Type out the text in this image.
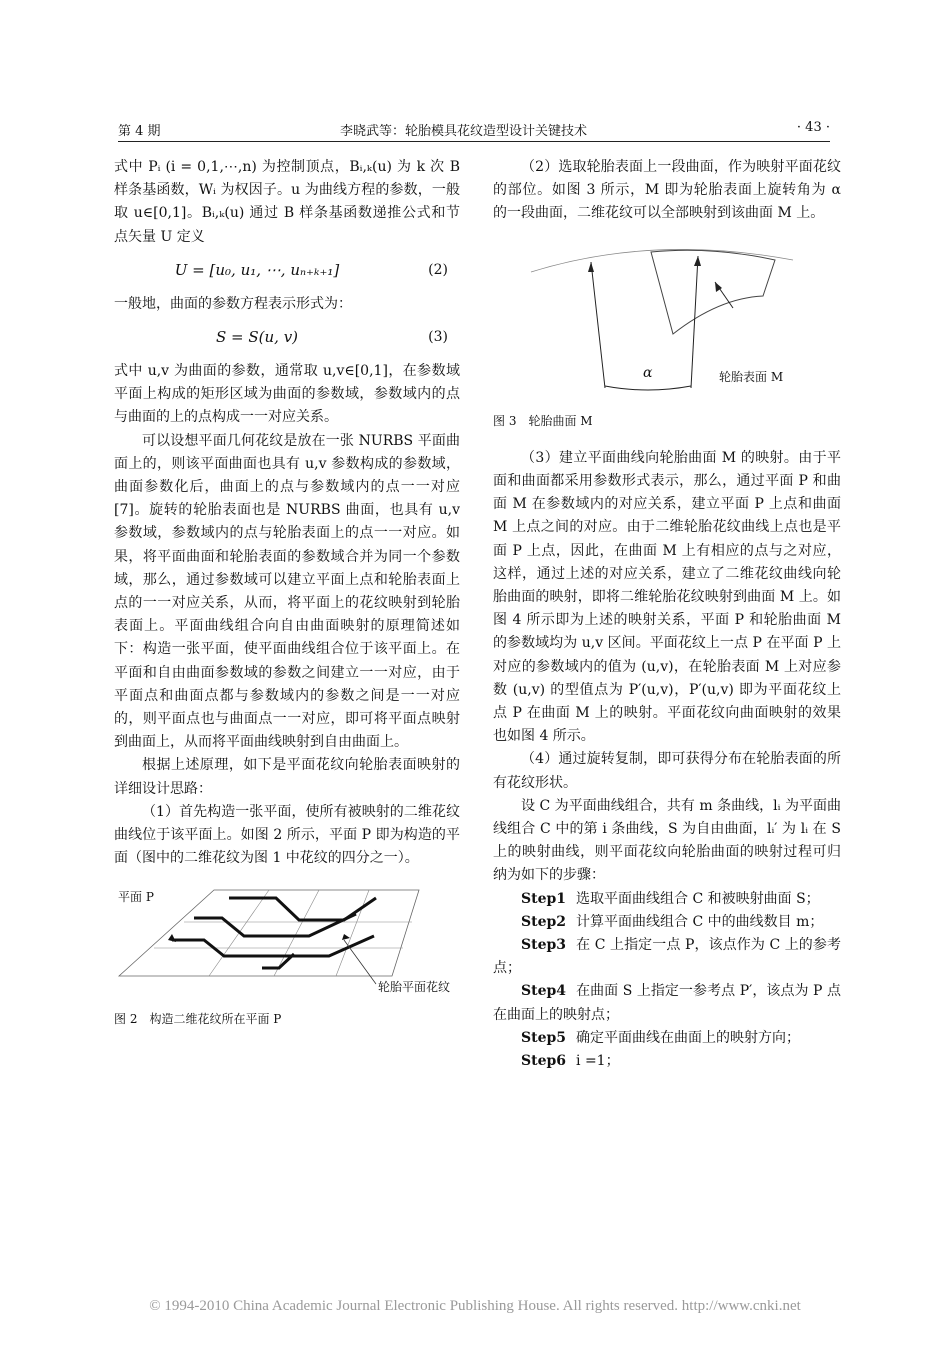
第 4 期	李晓武等：轮胎模具花纹造型设计关键技术	· 43 ·

式中 Pᵢ (i = 0,1,⋯,n) 为控制顶点，Bᵢ,ₖ(u) 为 k 次 B 样条基函数，Wᵢ 为权因子。u 为曲线方程的参数，一般取 u∈[0,1]。Bᵢ,ₖ(u) 通过 B 样条基函数递推公式和节点矢量 U 定义

U = [u₀, u₁, ⋯, uₙ₊ₖ₊₁]	(2)

一般地，曲面的参数方程表示形式为：

S = S(u, v)	(3)

式中 u,v 为曲面的参数，通常取 u,v∈[0,1]，在参数域平面上构成的矩形区域为曲面的参数域，参数域内的点与曲面的上的点构成一一对应关系。

可以设想平面几何花纹是放在一张 NURBS 平面曲面上的，则该平面曲面也具有 u,v 参数构成的参数域，曲面参数化后，曲面上的点与参数域内的点一一对应[7]。旋转的轮胎表面也是 NURBS 曲面，也具有 u,v 参数域，参数域内的点与轮胎表面上的点一一对应。如果，将平面曲面和轮胎表面的参数域合并为同一个参数域，那么，通过参数域可以建立平面上点和轮胎表面上点的一一对应关系，从而，将平面上的花纹映射到轮胎表面上。平面曲线组合向自由曲面映射的原理简述如下：构造一张平面，使平面曲线组合位于该平面上。在平面和自由曲面参数域的参数之间建立一一对应，由于平面点和曲面点都与参数域内的参数之间是一一对应的，则平面点也与曲面点一一对应，即可将平面点映射到曲面上，从而将平面曲线映射到自由曲面上。

根据上述原理，如下是平面花纹向轮胎表面映射的详细设计思路：

（1）首先构造一张平面，使所有被映射的二维花纹曲线位于该平面上。如图 2 所示，平面 P 即为构造的平面（图中的二维花纹为图 1 中花纹的四分之一）。

平面 P
轮胎平面花纹

图 2　构造二维花纹所在平面 P

（2）选取轮胎表面上一段曲面，作为映射平面花纹的部位。如图 3 所示，M 即为轮胎表面上旋转角为 α 的一段曲面，二维花纹可以全部映射到该曲面 M 上。

α	轮胎表面 M

图 3　轮胎曲面 M

（3）建立平面曲线向轮胎曲面 M 的映射。由于平面和曲面都采用参数形式表示，那么，通过平面 P 和曲面 M 在参数域内的对应关系，建立平面 P 上点和曲面 M 上点之间的对应。由于二维轮胎花纹曲线上点也是平面 P 上点，因此，在曲面 M 上有相应的点与之对应，这样，通过上述的对应关系，建立了二维花纹曲线向轮胎曲面的映射，即将二维轮胎花纹映射到曲面 M 上。如图 4 所示即为上述的映射关系，平面 P 和轮胎曲面 M 的参数域均为 u,v 区间。平面花纹上一点 P 在平面 P 上对应的参数域内的值为 (u,v)，在轮胎表面 M 上对应参数 (u,v) 的型值点为 P′(u,v)，P′(u,v) 即为平面花纹上点 P 在曲面 M 上的映射。平面花纹向曲面映射的效果也如图 4 所示。

（4）通过旋转复制，即可获得分布在轮胎表面的所有花纹形状。

设 C 为平面曲线组合，共有 m 条曲线，lᵢ 为平面曲线组合 C 中的第 i 条曲线，S 为自由曲面，lᵢ′ 为 lᵢ 在 S 上的映射曲线，则平面花纹向轮胎曲面的映射过程可归纳为如下的步骤：

Step1 选取平面曲线组合 C 和被映射曲面 S；

Step2 计算平面曲线组合 C 中的曲线数目 m；

Step3 在 C 上指定一点 P，该点作为 C 上的参考点；

Step4 在曲面 S 上指定一参考点 P′，该点为 P 点在曲面上的映射点；

Step5 确定平面曲线在曲面上的映射方向；

Step6 i =1；

© 1994-2010 China Academic Journal Electronic Publishing House. All rights reserved. http://www.cnki.net
